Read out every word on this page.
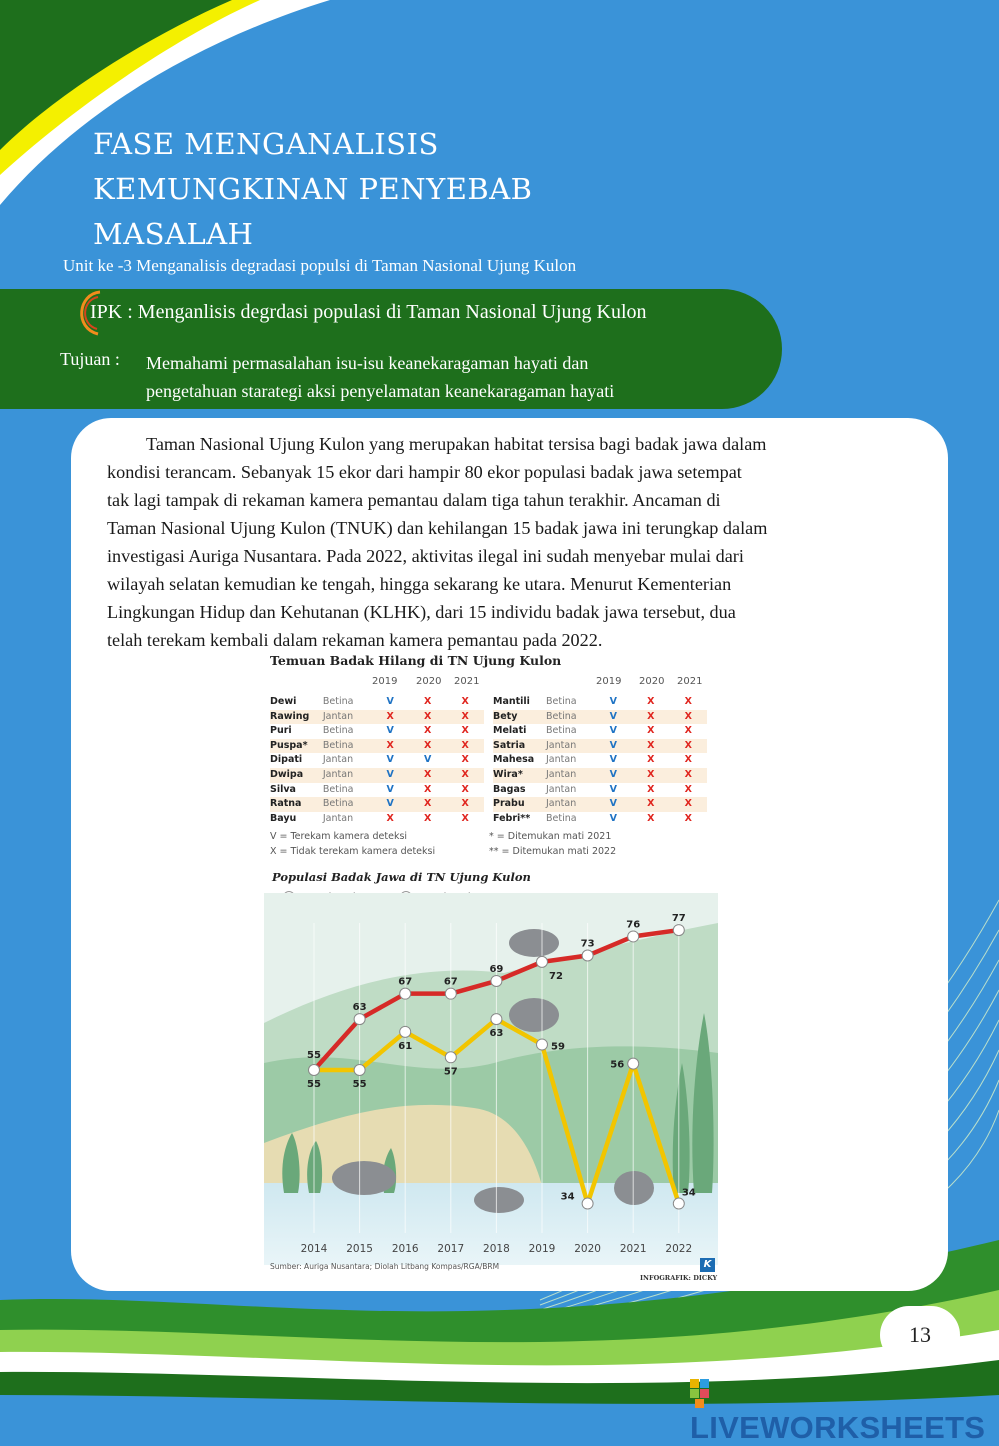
FASE MENGANALISIS
KEMUNGKINAN PENYEBAB
MASALAH
Unit ke -3 Menganalisis degradasi populsi di Taman Nasional Ujung Kulon
IPK : Menganlisis degrdasi populasi di Taman Nasional Ujung Kulon
Tujuan : Memahami permasalahan isu-isu keanekaragaman hayati dan
pengetahuan starategi aksi penyelamatan keanekaragaman hayati
Taman Nasional Ujung Kulon yang merupakan habitat tersisa bagi badak jawa dalam
kondisi terancam. Sebanyak 15 ekor dari hampir 80 ekor populasi badak jawa setempat
tak lagi tampak di rekaman kamera pemantau dalam tiga tahun terakhir. Ancaman di
Taman Nasional Ujung Kulon (TNUK) dan kehilangan 15 badak jawa ini terungkap dalam
investigasi Auriga Nusantara. Pada 2022, aktivitas ilegal ini sudah menyebar mulai dari
wilayah selatan kemudian ke tengah, hingga sekarang ke utara. Menurut Kementerian
Lingkungan Hidup dan Kehutanan (KLHK), dari 15 individu badak jawa tersebut, dua
telah terekam kembali dalam rekaman kamera pemantau pada 2022.
Temuan Badak Hilang di TN Ujung Kulon
2019 2020 2021	2019 2020 2021
Dewi	Betina	V	X	X
Rawing	Jantan	X	X	X
Puri	Betina	V	X	X
Puspa*	Betina	X	X	X
Dipati	Jantan	V	V	X
Dwipa	Jantan	V	X	X
Silva	Betina	V	X	X
Ratna	Betina	V	X	X
Bayu	Jantan	X	X	X
Mantili	Betina	V	X	X
Bety	Betina	V	X	X
Melati	Betina	V	X	X
Satria	Jantan	V	X	X
Mahesa	Jantan	V	X	X
Wira*	Jantan	V	X	X
Bagas	Jantan	V	X	X
Prabu	Jantan	V	X	X
Febri**	Betina	V	X	X
V = Terekam kamera deteksi
X = Tidak terekam kamera deteksi
* = Ditemukan mati 2021
** = Ditemukan mati 2022
Populasi Badak Jawa di TN Ujung Kulon
55	55
61
57
63
59
34
56
34
63
67	67
69
72
73
76
77
55
2014 2015 2016 2017 2018 2019 2020 2021 2022
Sumber: Auriga Nusantara; Diolah Litbang Kompas/RGA/BRM
INFOGRAFIK: DICKY
K
13
LIVEWORKSHEETS
